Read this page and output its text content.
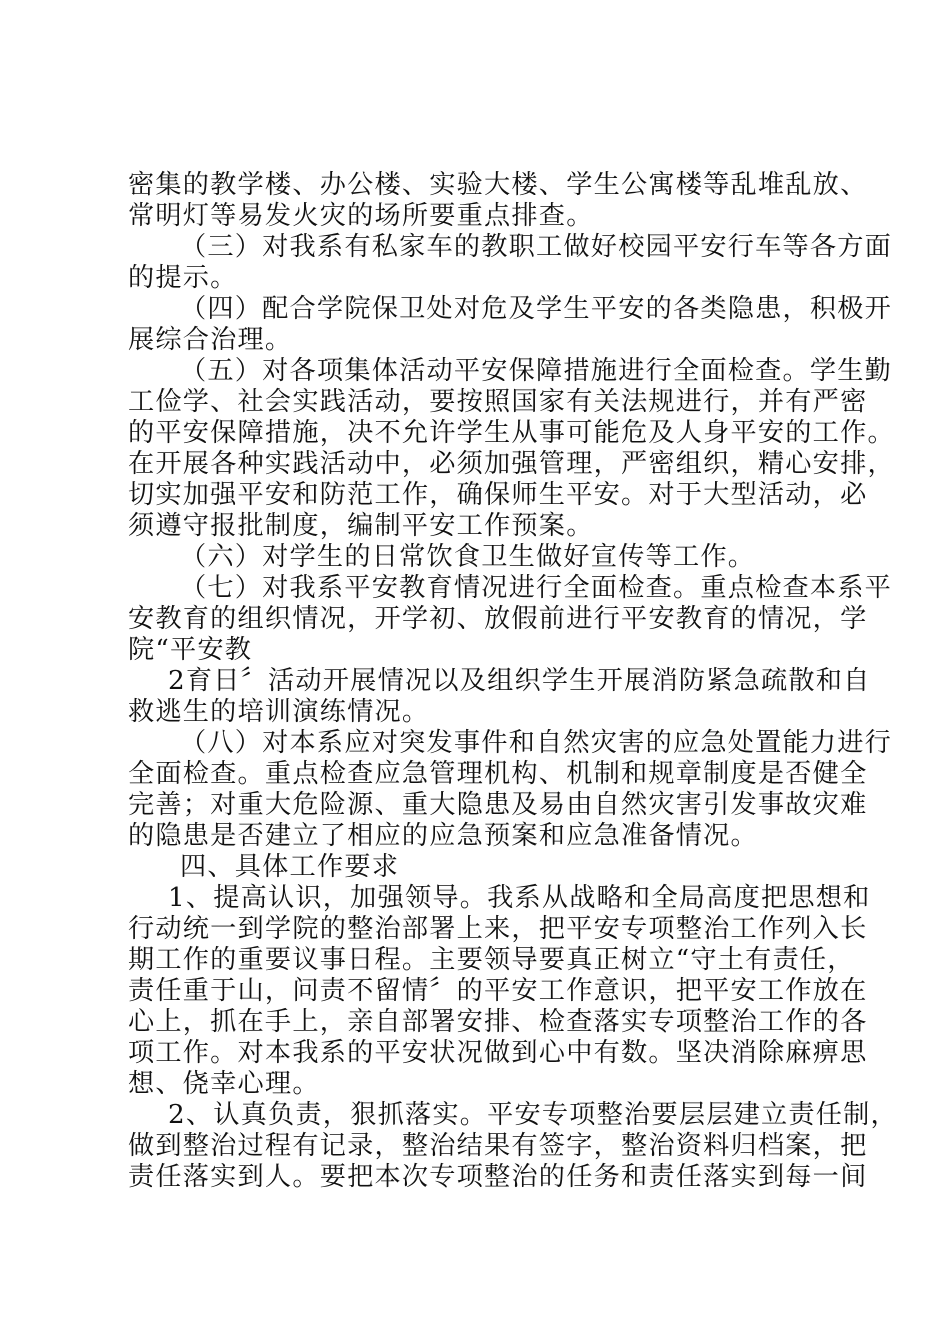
密集的教学楼、办公楼、实验大楼、学生公寓楼等乱堆乱放、
常明灯等易发火灾的场所要重点排查。
（三）对我系有私家车的教职工做好校园平安行车等各方面
的提示。
（四）配合学院保卫处对危及学生平安的各类隐患，积极开
展综合治理。
（五）对各项集体活动平安保障措施进行全面检查。学生勤
工俭学、社会实践活动，要按照国家有关法规进行，并有严密
的平安保障措施，决不允许学生从事可能危及人身平安的工作。
在开展各种实践活动中，必须加强管理，严密组织，精心安排，
切实加强平安和防范工作，确保师生平安。对于大型活动，必
须遵守报批制度，编制平安工作预案。
（六）对学生的日常饮食卫生做好宣传等工作。
（七）对我系平安教育情况进行全面检查。重点检查本系平
安教育的组织情况，开学初、放假前进行平安教育的情况，学
院“平安教
2育日〞活动开展情况以及组织学生开展消防紧急疏散和自
救逃生的培训演练情况。
（八）对本系应对突发事件和自然灾害的应急处置能力进行
全面检查。重点检查应急管理机构、机制和规章制度是否健全
完善；对重大危险源、重大隐患及易由自然灾害引发事故灾难
的隐患是否建立了相应的应急预案和应急准备情况。
四、具体工作要求
1、提高认识，加强领导。我系从战略和全局高度把思想和
行动统一到学院的整治部署上来，把平安专项整治工作列入长
期工作的重要议事日程。主要领导要真正树立“守土有责任，
责任重于山，问责不留情〞的平安工作意识，把平安工作放在
心上，抓在手上，亲自部署安排、检查落实专项整治工作的各
项工作。对本我系的平安状况做到心中有数。坚决消除麻痹思
想、侥幸心理。
2、认真负责，狠抓落实。平安专项整治要层层建立责任制，
做到整治过程有记录，整治结果有签字，整治资料归档案，把
责任落实到人。要把本次专项整治的任务和责任落实到每一间
